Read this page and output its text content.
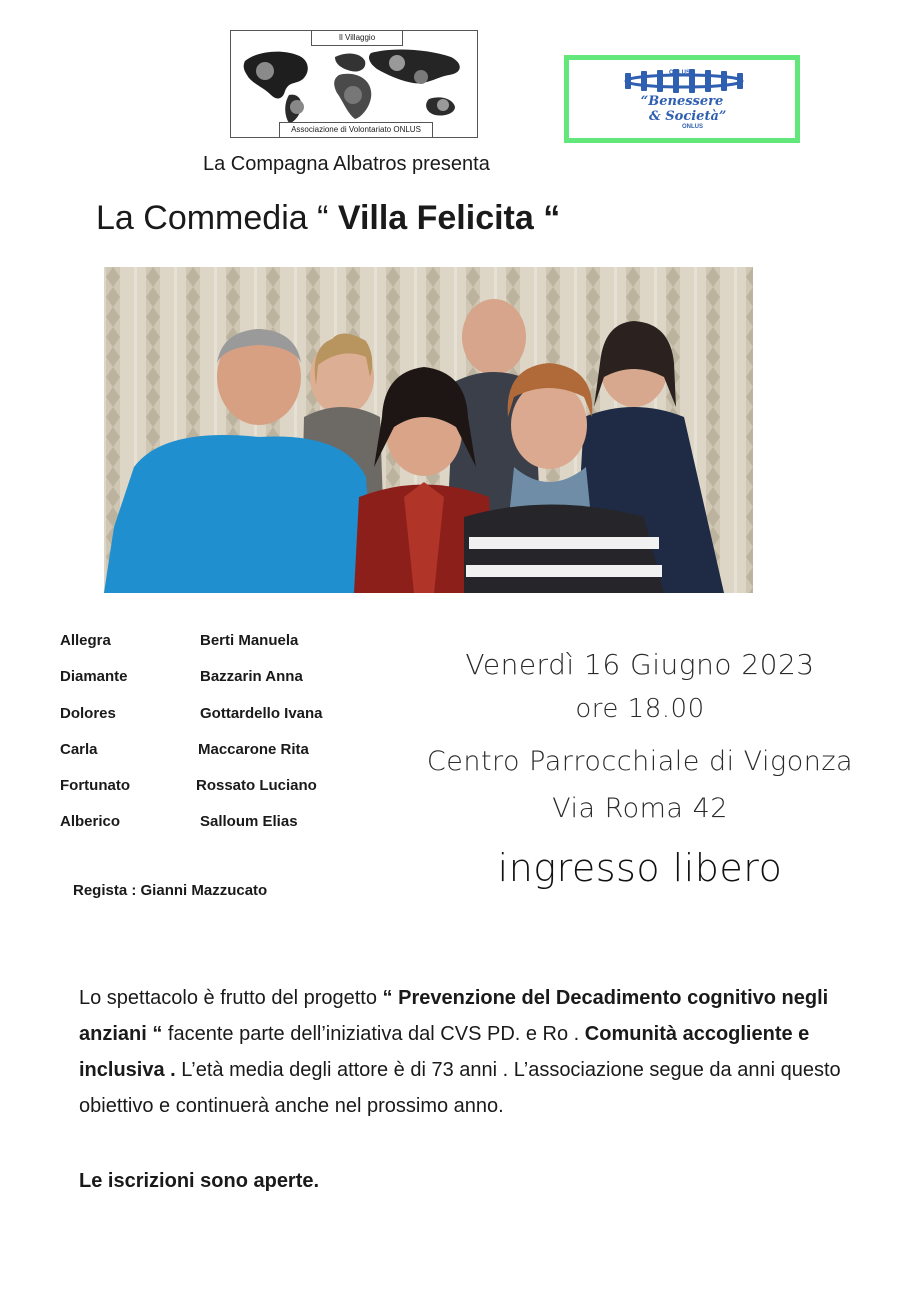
Il Villaggio
Associazione di Volontariato ONLUS
ONLUS
“Benessere
& Società”
ONLUS
La Compagna Albatros presenta
La Commedia “ Villa Felicita “
Allegra	Berti Manuela
Diamante	Bazzarin Anna
Dolores	Gottardello Ivana
Carla	Maccarone Rita
Fortunato	Rossato Luciano
Alberico	Salloum Elias
Regista : Gianni Mazzucato
Venerdì 16 Giugno 2023
ore 18.00
Centro Parrocchiale di Vigonza
Via Roma 42
ingresso libero

Lo spettacolo è frutto del progetto “ Prevenzione del Decadimento cognitivo negli anziani “ facente parte dell’iniziativa dal CVS PD. e Ro . Comunità accogliente e inclusiva . L’età media degli attore è di 73 anni . L’associazione segue da anni questo obiettivo e continuerà anche nel prossimo anno.

Le iscrizioni sono aperte.
